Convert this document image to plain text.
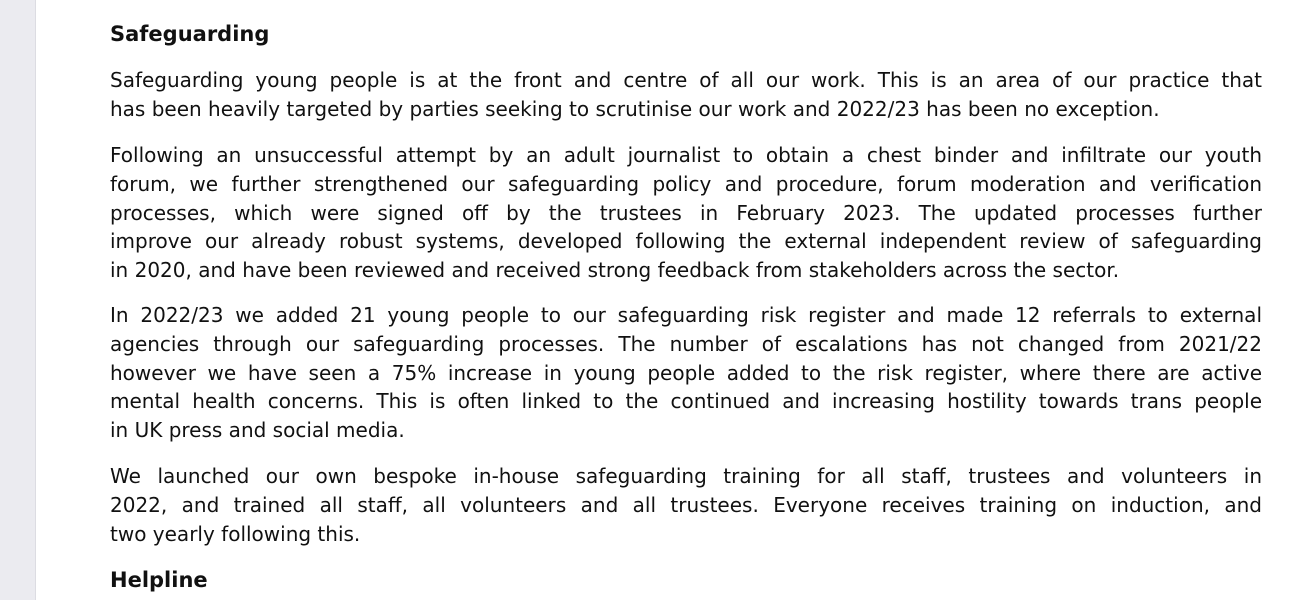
Safeguarding

Safeguarding young people is at the front and centre of all our work. This is an area of our practice that
has been heavily targeted by parties seeking to scrutinise our work and 2022/23 has been no exception.

Following an unsuccessful attempt by an adult journalist to obtain a chest binder and infiltrate our youth
forum, we further strengthened our safeguarding policy and procedure, forum moderation and verification
processes, which were signed off by the trustees in February 2023. The updated processes further
improve our already robust systems, developed following the external independent review of safeguarding
in 2020, and have been reviewed and received strong feedback from stakeholders across the sector.

In 2022/23 we added 21 young people to our safeguarding risk register and made 12 referrals to external
agencies through our safeguarding processes. The number of escalations has not changed from 2021/22
however we have seen a 75% increase in young people added to the risk register, where there are active
mental health concerns. This is often linked to the continued and increasing hostility towards trans people
in UK press and social media.

We launched our own bespoke in-house safeguarding training for all staff, trustees and volunteers in
2022, and trained all staff, all volunteers and all trustees. Everyone receives training on induction, and
two yearly following this.

Helpline
